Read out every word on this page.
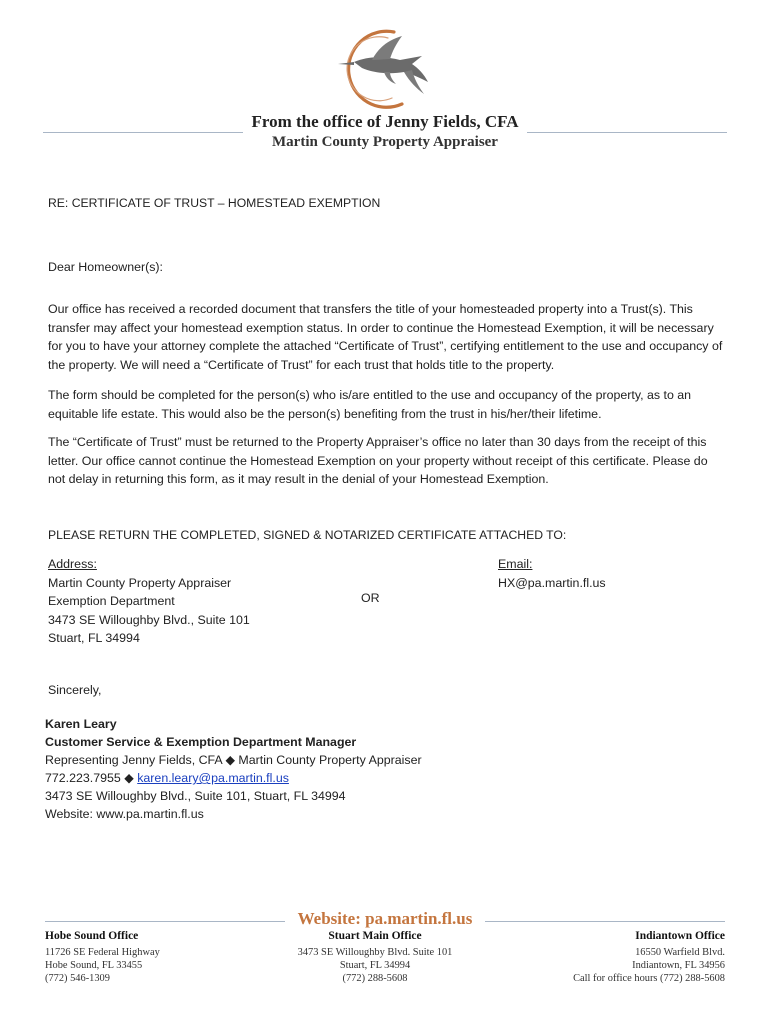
From the office of Jenny Fields, CFA
Martin County Property Appraiser
RE: CERTIFICATE OF TRUST – HOMESTEAD EXEMPTION
Dear Homeowner(s):
Our office has received a recorded document that transfers the title of your homesteaded property into a Trust(s). This transfer may affect your homestead exemption status. In order to continue the Homestead Exemption, it will be necessary for you to have your attorney complete the attached “Certificate of Trust”, certifying entitlement to the use and occupancy of the property. We will need a “Certificate of Trust” for each trust that holds title to the property.
The form should be completed for the person(s) who is/are entitled to the use and occupancy of the property, as to an equitable life estate. This would also be the person(s) benefiting from the trust in his/her/their lifetime.
The “Certificate of Trust” must be returned to the Property Appraiser’s office no later than 30 days from the receipt of this letter. Our office cannot continue the Homestead Exemption on your property without receipt of this certificate. Please do not delay in returning this form, as it may result in the denial of your Homestead Exemption.
PLEASE RETURN THE COMPLETED, SIGNED & NOTARIZED CERTIFICATE ATTACHED TO:
Address:
Martin County Property Appraiser
Exemption Department
3473 SE Willoughby Blvd., Suite 101
Stuart, FL 34994
OR
Email:
HX@pa.martin.fl.us
Sincerely,
Karen Leary
Customer Service & Exemption Department Manager
Representing Jenny Fields, CFA ◆ Martin County Property Appraiser
772.223.7955 ◆ karen.leary@pa.martin.fl.us
3473 SE Willoughby Blvd., Suite 101, Stuart, FL 34994
Website: www.pa.martin.fl.us
Website: pa.martin.fl.us
Hobe Sound Office
11726 SE Federal Highway
Hobe Sound, FL 33455
(772) 546-1309
Stuart Main Office
3473 SE Willoughby Blvd. Suite 101
Stuart, FL 34994
(772) 288-5608
Indiantown Office
16550 Warfield Blvd.
Indiantown, FL 34956
Call for office hours (772) 288-5608
